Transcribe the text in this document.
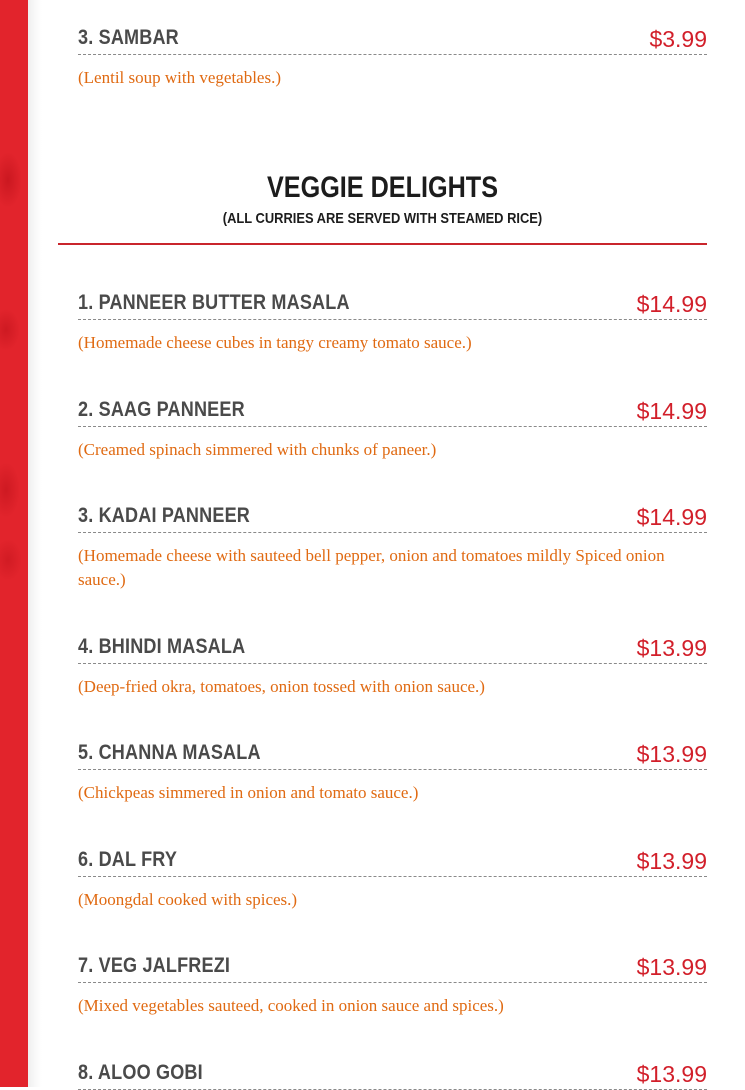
3. SAMBAR	$3.99
(Lentil soup with vegetables.)
VEGGIE DELIGHTS
(ALL CURRIES ARE SERVED WITH STEAMED RICE)
1. PANNEER BUTTER MASALA	$14.99
(Homemade cheese cubes in tangy creamy tomato sauce.)
2. SAAG PANNEER	$14.99
(Creamed spinach simmered with chunks of paneer.)
3. KADAI PANNEER	$14.99
(Homemade cheese with sauteed bell pepper, onion and tomatoes mildly Spiced onion sauce.)
4. BHINDI MASALA	$13.99
(Deep-fried okra, tomatoes, onion tossed with onion sauce.)
5. CHANNA MASALA	$13.99
(Chickpeas simmered in onion and tomato sauce.)
6. DAL FRY	$13.99
(Moongdal cooked with spices.)
7. VEG JALFREZI	$13.99
(Mixed vegetables sauteed, cooked in onion sauce and spices.)
8. ALOO GOBI	$13.99
